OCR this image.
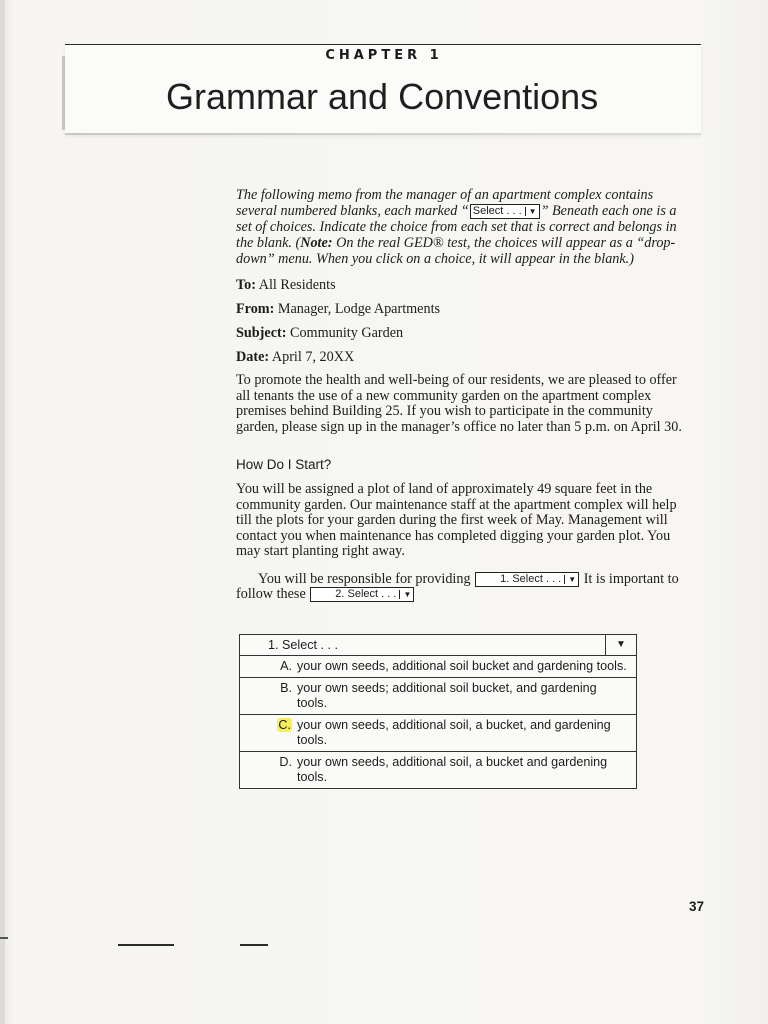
CHAPTER 1
Grammar and Conventions

The following memo from the manager of an apartment complex contains several numbered blanks, each marked “ Select . . . ▼ ” Beneath each one is a set of choices. Indicate the choice from each set that is correct and belongs in the blank. (Note: On the real GED® test, the choices will appear as a “drop-down” menu. When you click on a choice, it will appear in the blank.)

To: All Residents

From: Manager, Lodge Apartments

Subject: Community Garden

Date: April 7, 20XX

To promote the health and well-being of our residents, we are pleased to offer all tenants the use of a new community garden on the apartment complex premises behind Building 25. If you wish to participate in the community garden, please sign up in the manager’s office no later than 5 p.m. on April 30.

How Do I Start?

You will be assigned a plot of land of approximately 49 square feet in the community garden. Our maintenance staff at the apartment complex will help till the plots for your garden during the first week of May. Management will contact you when maintenance has completed digging your garden plot. You may start planting right away.

You will be responsible for providing 1. Select . . . ▼ It is important to follow these 2. Select . . . ▼

1. Select . . .	▼

A. your own seeds, additional soil bucket and gardening tools.

B. your own seeds; additional soil bucket, and gardening tools.

C. your own seeds, additional soil, a bucket, and gardening tools.

D. your own seeds, additional soil, a bucket and gardening tools.
37
